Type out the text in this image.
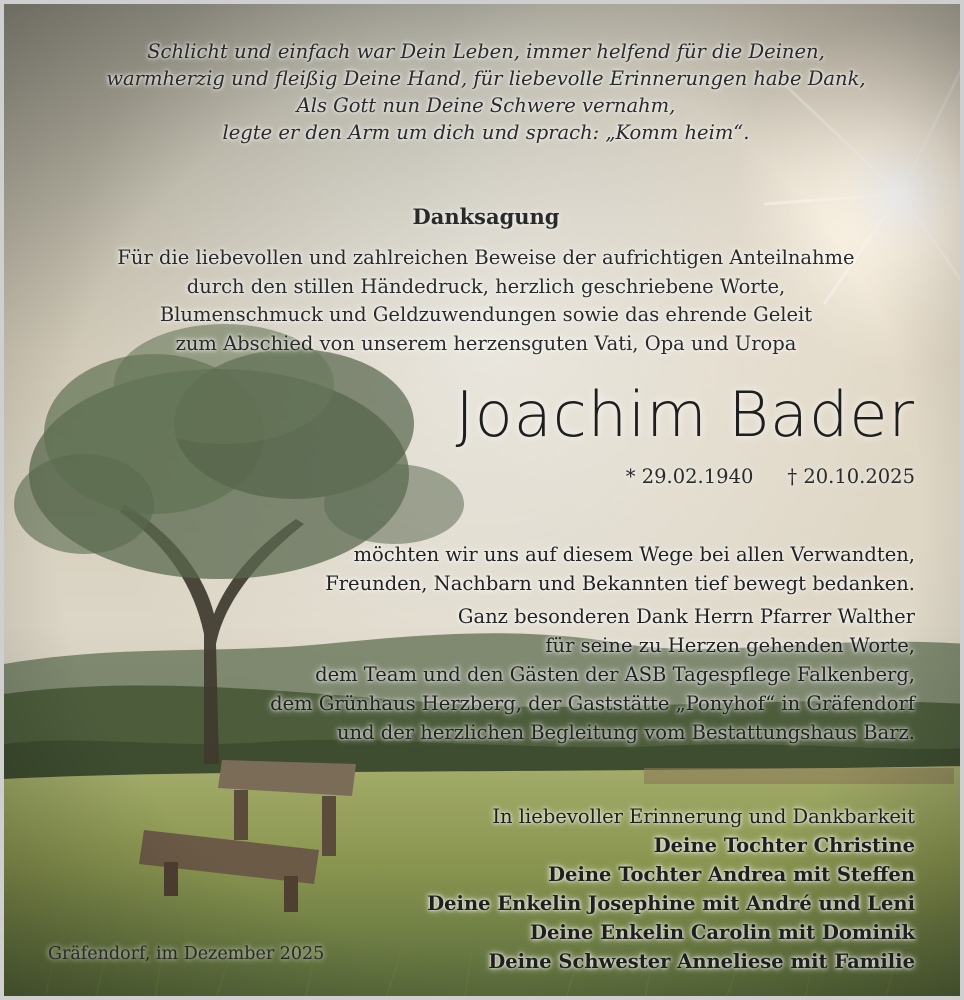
Schlicht und einfach war Dein Leben, immer helfend für die Deinen,
warmherzig und fleißig Deine Hand, für liebevolle Erinnerungen habe Dank,
Als Gott nun Deine Schwere vernahm,
legte er den Arm um dich und sprach: „Komm heim“.
Danksagung
Für die liebevollen und zahlreichen Beweise der aufrichtigen Anteilnahme
durch den stillen Händedruck, herzlich geschriebene Worte,
Blumenschmuck und Geldzuwendungen sowie das ehrende Geleit
zum Abschied von unserem herzensguten Vati, Opa und Uropa
Joachim Bader
* 29.02.1940 † 20.10.2025
möchten wir uns auf diesem Wege bei allen Verwandten,
Freunden, Nachbarn und Bekannten tief bewegt bedanken.
Ganz besonderen Dank Herrn Pfarrer Walther
für seine zu Herzen gehenden Worte,
dem Team und den Gästen der ASB Tagespflege Falkenberg,
dem Grünhaus Herzberg, der Gaststätte „Ponyhof“ in Gräfendorf
und der herzlichen Begleitung vom Bestattungshaus Barz.
In liebevoller Erinnerung und Dankbarkeit
Deine Tochter Christine
Deine Tochter Andrea mit Steffen
Deine Enkelin Josephine mit André und Leni
Deine Enkelin Carolin mit Dominik
Deine Schwester Anneliese mit Familie
Gräfendorf, im Dezember 2025
